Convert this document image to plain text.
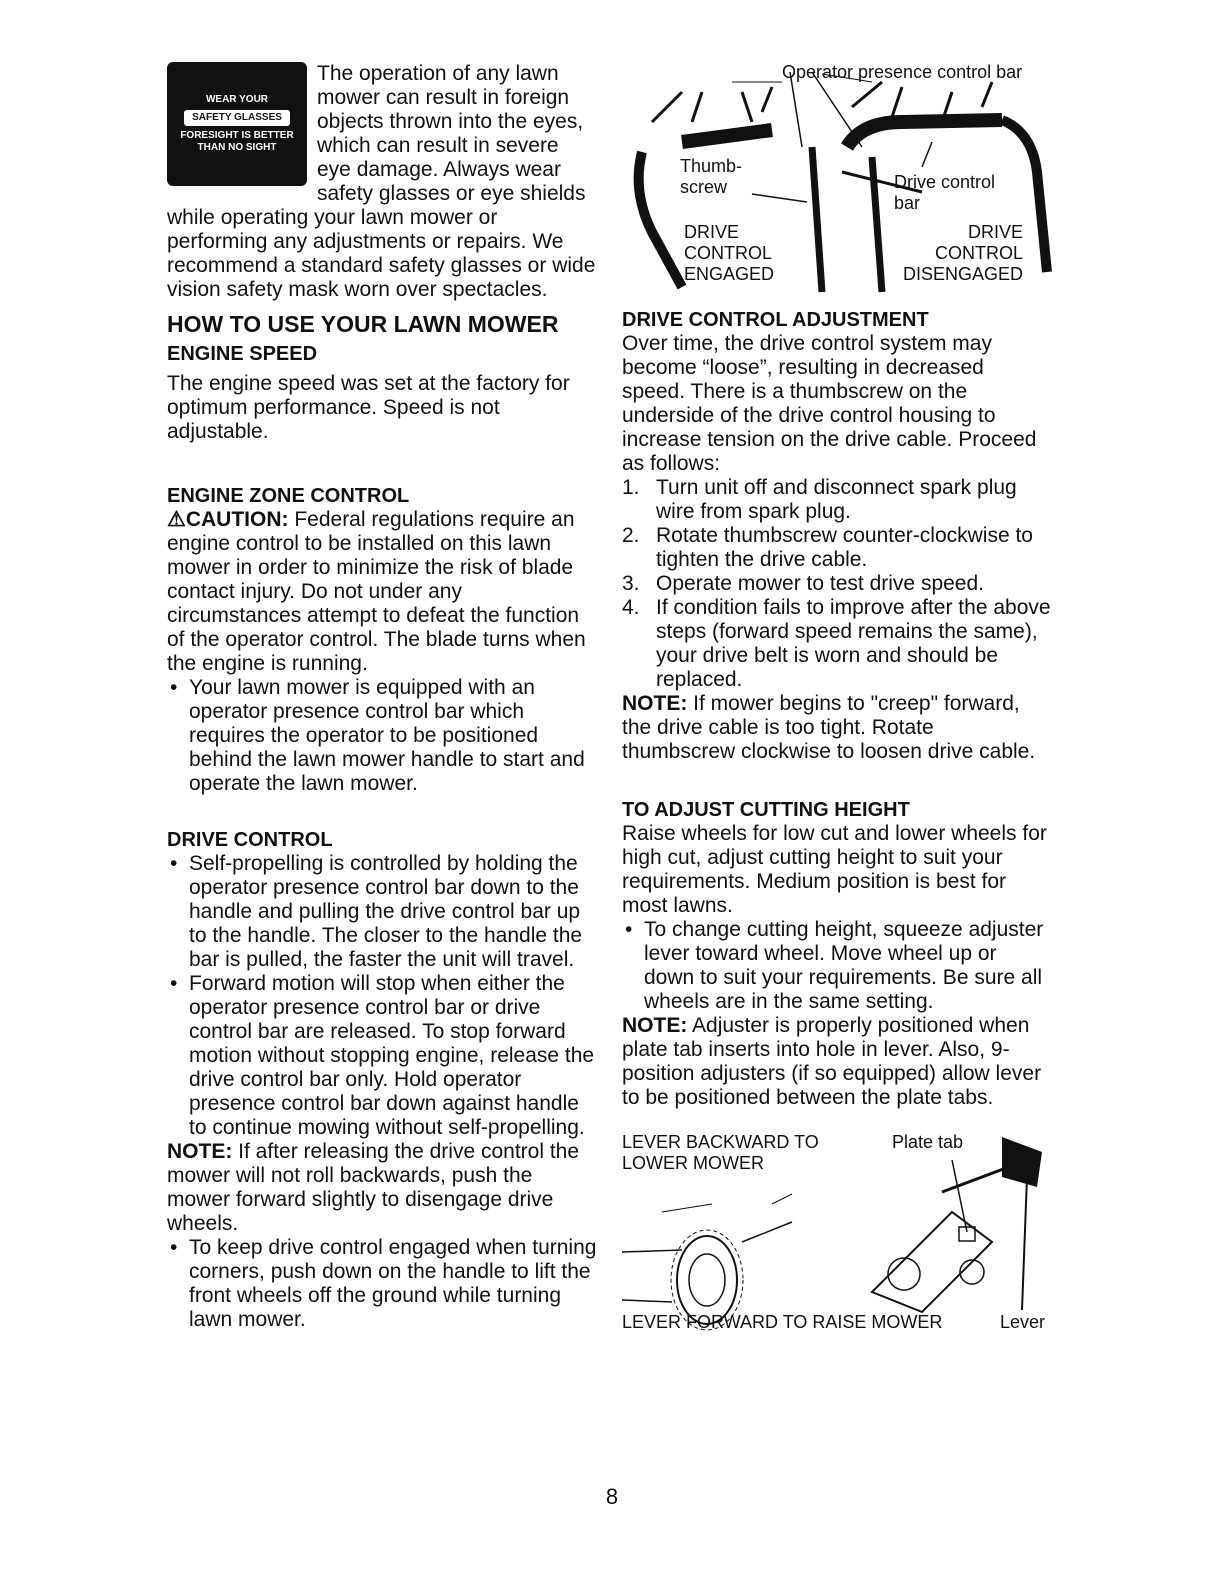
WEAR YOUR
SAFETY GLASSES
FORESIGHT IS BETTER
THAN NO SIGHT

The operation of any lawn mower can result in foreign objects thrown into the eyes, which can result in severe eye damage. Always wear safety glasses or eye shields while operating your lawn mower or performing any adjustments or repairs. We recommend a standard safety glasses or wide vision safety mask worn over spectacles.

HOW TO USE YOUR LAWN MOWER
ENGINE SPEED

The engine speed was set at the factory for optimum performance. Speed is not adjustable.

ENGINE ZONE CONTROL

⚠CAUTION: Federal regulations require an engine control to be installed on this lawn mower in order to minimize the risk of blade contact injury. Do not under any circumstances attempt to defeat the function of the operator control. The blade turns when the engine is running.

• Your lawn mower is equipped with an operator presence control bar which requires the operator to be positioned behind the lawn mower handle to start and operate the lawn mower.

DRIVE CONTROL

• Self-propelling is controlled by holding the operator presence control bar down to the handle and pulling the drive control bar up to the handle. The closer to the handle the bar is pulled, the faster the unit will travel.

• Forward motion will stop when either the operator presence control bar or drive control bar are released. To stop forward motion without stopping engine, release the drive control bar only. Hold operator presence control bar down against handle to continue mowing without self-propelling.

NOTE: If after releasing the drive control the mower will not roll backwards, push the mower forward slightly to disengage drive wheels.

• To keep drive control engaged when turning corners, push down on the handle to lift the front wheels off the ground while turning lawn mower.

Operator presence control bar
Thumb-screw	Drive control bar
DRIVE CONTROL ENGAGED
DRIVE CONTROL DISENGAGED
DRIVE CONTROL ADJUSTMENT

Over time, the drive control system may become “loose”, resulting in decreased speed. There is a thumbscrew on the underside of the drive control housing to increase tension on the drive cable. Proceed as follows:

1. Turn unit off and disconnect spark plug wire from spark plug.

2. Rotate thumbscrew counter-clockwise to tighten the drive cable.

3. Operate mower to test drive speed.

4. If condition fails to improve after the above steps (forward speed remains the same), your drive belt is worn and should be replaced.

NOTE: If mower begins to "creep" forward, the drive cable is too tight. Rotate thumbscrew clockwise to loosen drive cable.

TO ADJUST CUTTING HEIGHT

Raise wheels for low cut and lower wheels for high cut, adjust cutting height to suit your requirements. Medium position is best for most lawns.

• To change cutting height, squeeze adjuster lever toward wheel. Move wheel up or down to suit your requirements. Be sure all wheels are in the same setting.

NOTE: Adjuster is properly positioned when plate tab inserts into hole in lever. Also, 9-position adjusters (if so equipped) allow lever to be positioned between the plate tabs.

LEVER BACKWARD TO LOWER MOWER
Plate tab
LEVER FORWARD TO RAISE MOWER	Lever
8
